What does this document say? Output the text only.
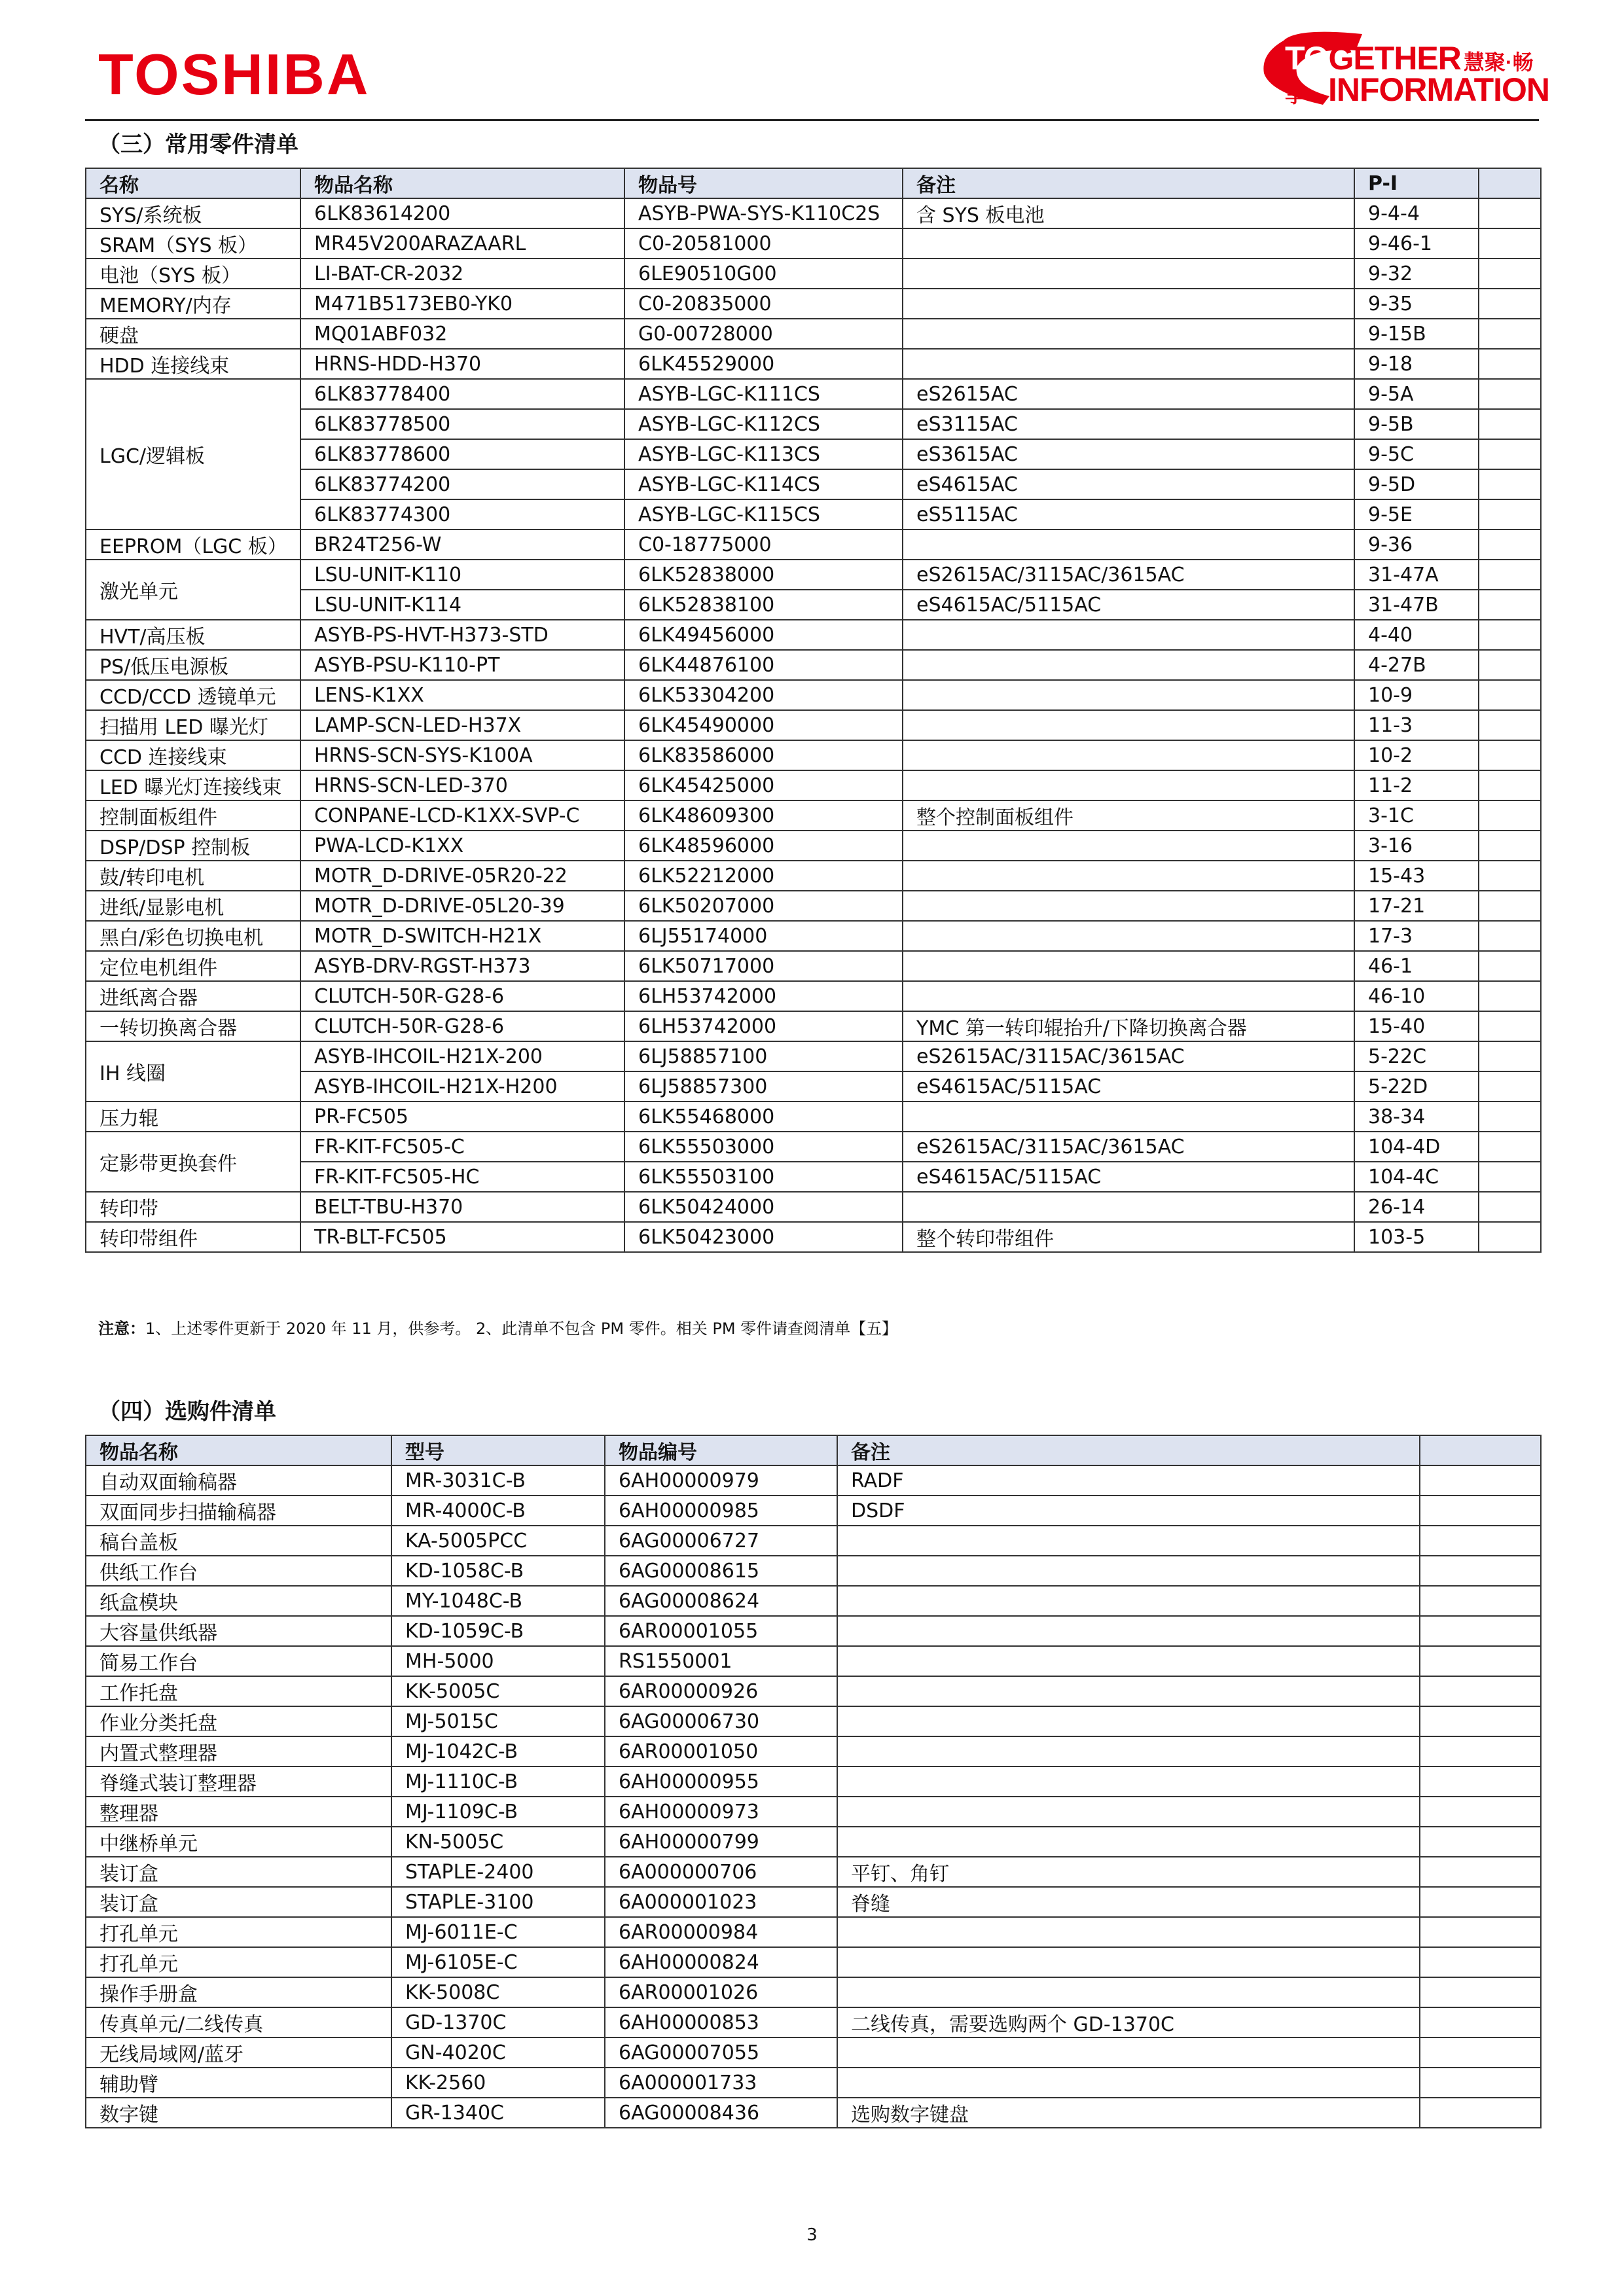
TOSHIBA	TOGETHER 慧聚·畅享 INFORMATION
（三）常用零件清单
名称	物品名称	物品号	备注	P-I	
SYS/系统板	6LK83614200	ASYB-PWA-SYS-K110C2S	含 SYS 板电池	9-4-4	
SRAM（SYS 板）	MR45V200ARAZAARL	C0-20581000		9-46-1	
电池（SYS 板）	LI-BAT-CR-2032	6LE90510G00		9-32	
MEMORY/内存	M471B5173EB0-YK0	C0-20835000		9-35	
硬盘	MQ01ABF032	G0-00728000		9-15B	
HDD 连接线束	HRNS-HDD-H370	6LK45529000		9-18	
LGC/逻辑板	6LK83778400	ASYB-LGC-K111CS	eS2615AC	9-5A	
	6LK83778500	ASYB-LGC-K112CS	eS3115AC	9-5B	
	6LK83778600	ASYB-LGC-K113CS	eS3615AC	9-5C	
	6LK83774200	ASYB-LGC-K114CS	eS4615AC	9-5D	
	6LK83774300	ASYB-LGC-K115CS	eS5115AC	9-5E	
EEPROM（LGC 板）	BR24T256-W	C0-18775000		9-36	
激光单元	LSU-UNIT-K110	6LK52838000	eS2615AC/3115AC/3615AC	31-47A	
	LSU-UNIT-K114	6LK52838100	eS4615AC/5115AC	31-47B	
HVT/高压板	ASYB-PS-HVT-H373-STD	6LK49456000		4-40	
PS/低压电源板	ASYB-PSU-K110-PT	6LK44876100		4-27B	
CCD/CCD 透镜单元	LENS-K1XX	6LK53304200		10-9	
扫描用 LED 曝光灯	LAMP-SCN-LED-H37X	6LK45490000		11-3	
CCD 连接线束	HRNS-SCN-SYS-K100A	6LK83586000		10-2	
LED 曝光灯连接线束	HRNS-SCN-LED-370	6LK45425000		11-2	
控制面板组件	CONPANE-LCD-K1XX-SVP-C	6LK48609300	整个控制面板组件	3-1C	
DSP/DSP 控制板	PWA-LCD-K1XX	6LK48596000		3-16	
鼓/转印电机	MOTR_D-DRIVE-05R20-22	6LK52212000		15-43	
进纸/显影电机	MOTR_D-DRIVE-05L20-39	6LK50207000		17-21	
黑白/彩色切换电机	MOTR_D-SWITCH-H21X	6LJ55174000		17-3	
定位电机组件	ASYB-DRV-RGST-H373	6LK50717000		46-1	
进纸离合器	CLUTCH-50R-G28-6	6LH53742000		46-10	
一转切换离合器	CLUTCH-50R-G28-6	6LH53742000	YMC 第一转印辊抬升/下降切换离合器	15-40	
IH 线圈	ASYB-IHCOIL-H21X-200	6LJ58857100	eS2615AC/3115AC/3615AC	5-22C	
	ASYB-IHCOIL-H21X-H200	6LJ58857300	eS4615AC/5115AC	5-22D	
压力辊	PR-FC505	6LK55468000		38-34	
定影带更换套件	FR-KIT-FC505-C	6LK55503000	eS2615AC/3115AC/3615AC	104-4D	
	FR-KIT-FC505-HC	6LK55503100	eS4615AC/5115AC	104-4C	
转印带	BELT-TBU-H370	6LK50424000		26-14	
转印带组件	TR-BLT-FC505	6LK50423000	整个转印带组件	103-5	
注意：1、上述零件更新于 2020 年 11 月，供参考。 2、此清单不包含 PM 零件。相关 PM 零件请查阅清单【五】
（四）选购件清单
物品名称	型号	物品编号	备注	
自动双面输稿器	MR-3031C-B	6AH00000979	RADF	
双面同步扫描输稿器	MR-4000C-B	6AH00000985	DSDF	
稿台盖板	KA-5005PCC	6AG00006727		
供纸工作台	KD-1058C-B	6AG00008615		
纸盒模块	MY-1048C-B	6AG00008624		
大容量供纸器	KD-1059C-B	6AR00001055		
简易工作台	MH-5000	RS1550001		
工作托盘	KK-5005C	6AR00000926		
作业分类托盘	MJ-5015C	6AG00006730		
内置式整理器	MJ-1042C-B	6AR00001050		
脊缝式装订整理器	MJ-1110C-B	6AH00000955		
整理器	MJ-1109C-B	6AH00000973		
中继桥单元	KN-5005C	6AH00000799		
装订盒	STAPLE-2400	6A000000706	平钉、角钉	
装订盒	STAPLE-3100	6A000001023	脊缝	
打孔单元	MJ-6011E-C	6AR00000984		
打孔单元	MJ-6105E-C	6AH00000824		
操作手册盒	KK-5008C	6AR00001026		
传真单元/二线传真	GD-1370C	6AH00000853	二线传真，需要选购两个 GD-1370C	
无线局域网/蓝牙	GN-4020C	6AG00007055		
辅助臂	KK-2560	6A000001733		
数字键	GR-1340C	6AG00008436	选购数字键盘	
3
